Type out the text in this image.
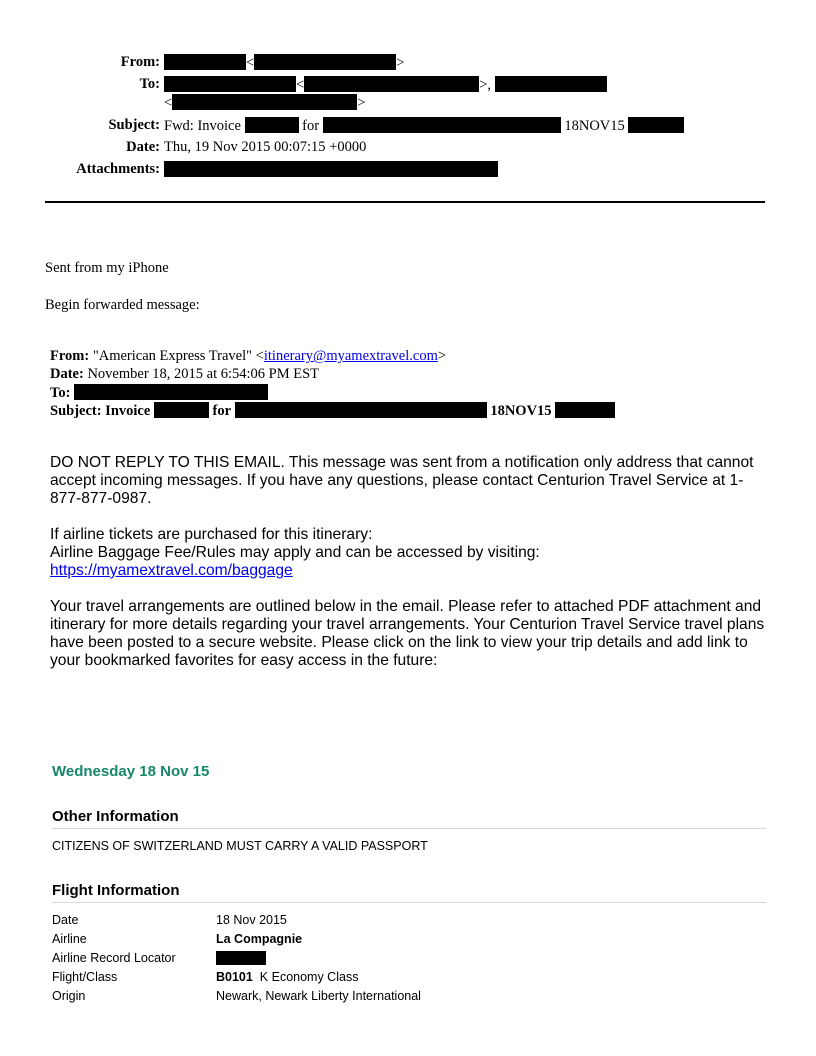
From:	<	>
To:	<	>,
<	>
Subject: Fwd: Invoice	for	18NOV15
Date: Thu, 19 Nov 2015 00:07:15 +0000
Attachments:
Sent from my iPhone
Begin forwarded message:
From: "American Express Travel" <itinerary@myamextravel.com>
Date: November 18, 2015 at 6:54:06 PM EST
To:
Subject: Invoice	for	18NOV15
DO NOT REPLY TO THIS EMAIL. This message was sent from a notification only address that cannot accept incoming messages. If you have any questions, please contact Centurion Travel Service at 1-877-877-0987.
If airline tickets are purchased for this itinerary:
Airline Baggage Fee/Rules may apply and can be accessed by visiting:
https://myamextravel.com/baggage
Your travel arrangements are outlined below in the email. Please refer to attached PDF attachment and itinerary for more details regarding your travel arrangements. Your Centurion Travel Service travel plans have been posted to a secure website. Please click on the link to view your trip details and add link to your bookmarked favorites for easy access in the future:
Wednesday 18 Nov 15
Other Information
CITIZENS OF SWITZERLAND MUST CARRY A VALID PASSPORT
Flight Information
Date	18 Nov 2015
Airline	La Compagnie
Airline Record Locator
Flight/Class	B0101 K Economy Class
Origin	Newark, Newark Liberty International
